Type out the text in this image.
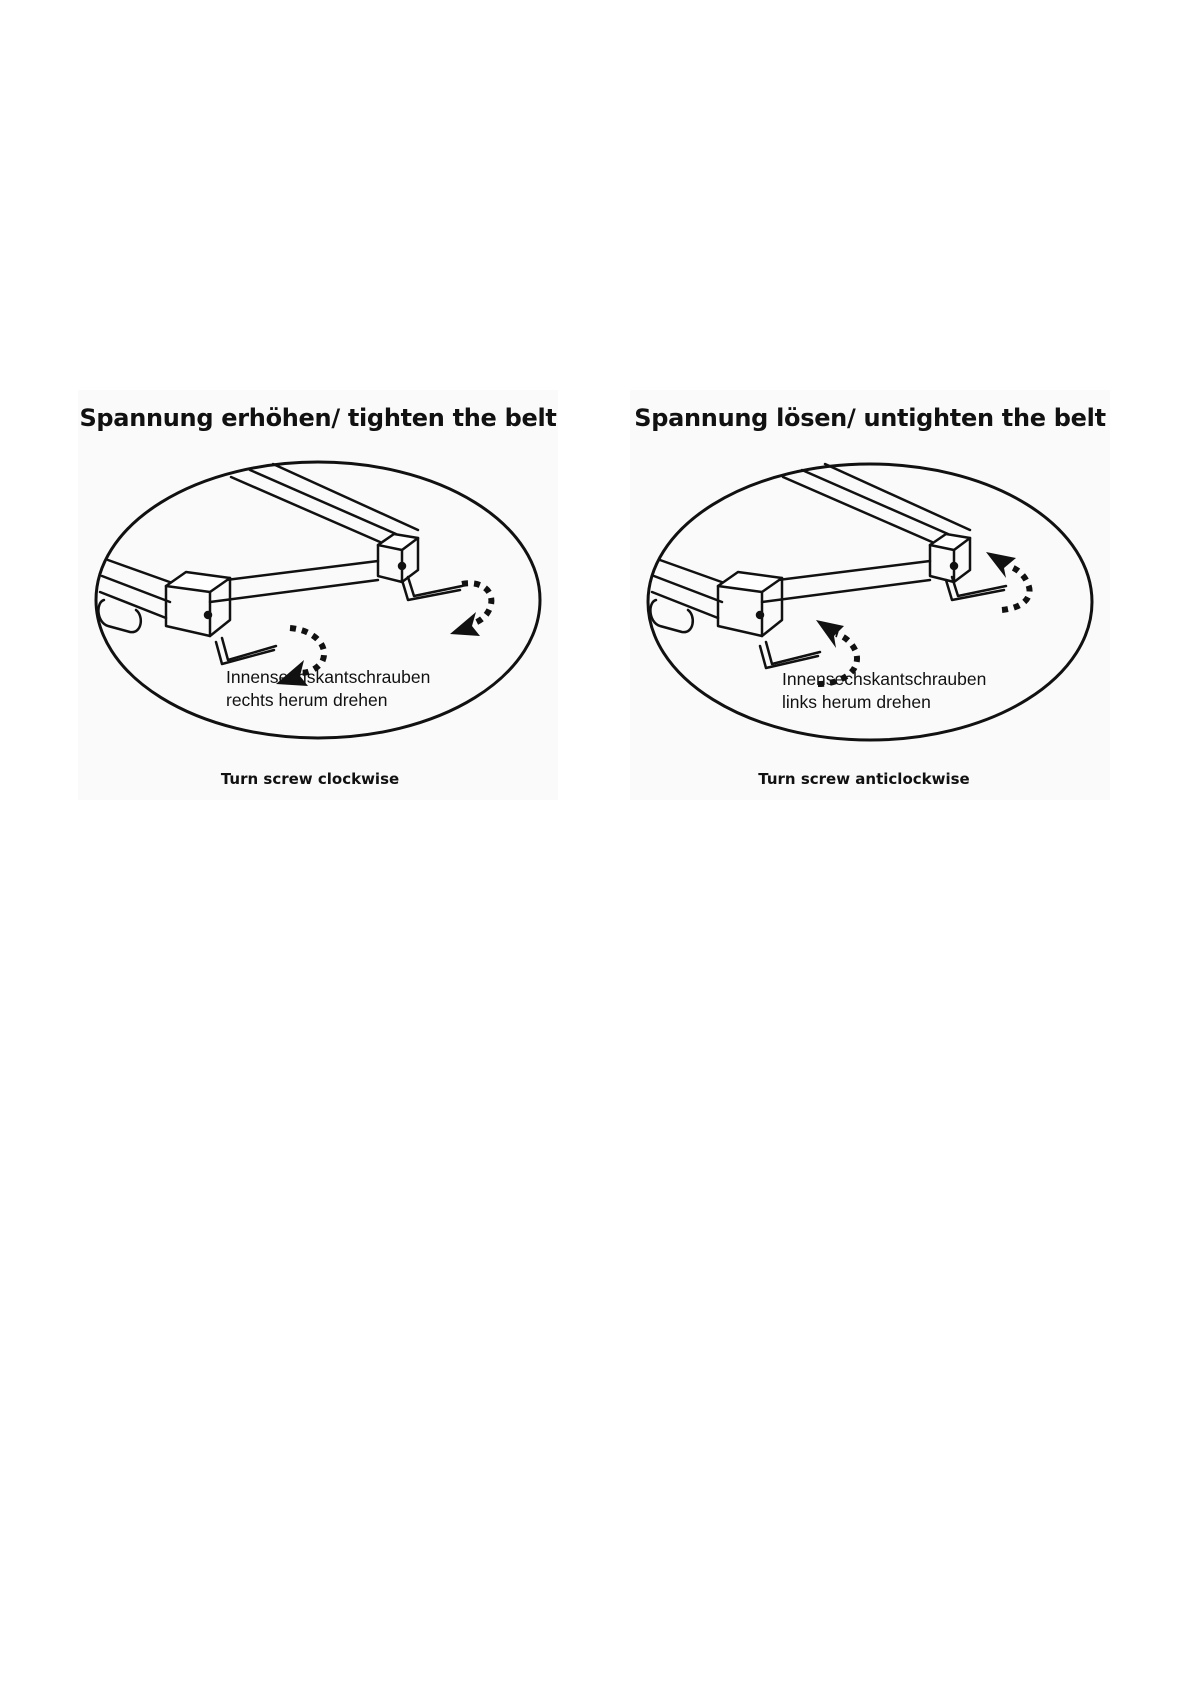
Spannung erhöhen/ tighten the belt
Innensechskantschrauben
rechts herum drehen
Turn screw clockwise
Spannung lösen/ untighten the belt
Innensechskantschrauben
links herum drehen
Turn screw anticlockwise
